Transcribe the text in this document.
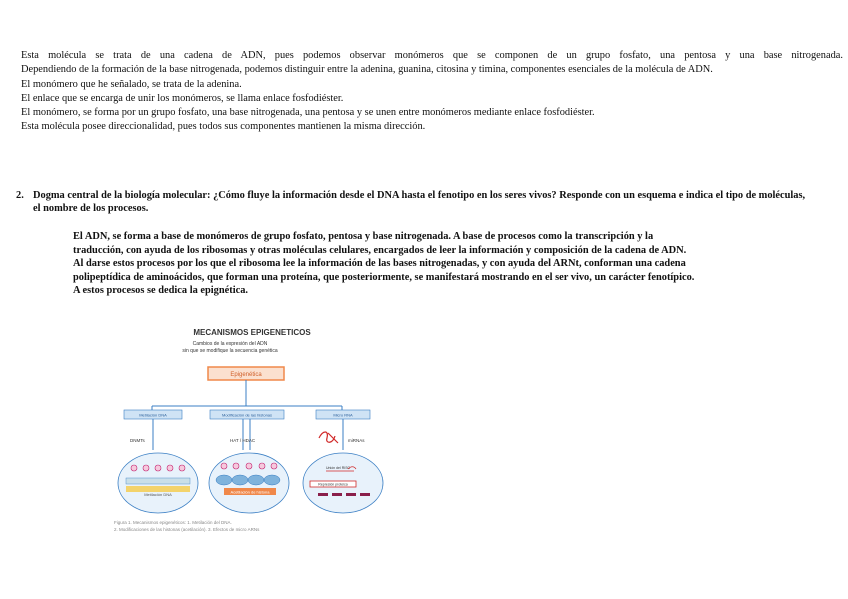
Esta molécula se trata de una cadena de ADN, pues podemos observar monómeros que se componen de un grupo fosfato, una pentosa y una base nitrogenada.
Dependiendo de la formación de la base nitrogenada, podemos distinguir entre la adenina, guanina, citosina y timina, componentes esenciales de la molécula de ADN.
El monómero que he señalado, se trata de la adenina.
El enlace que se encarga de unir los monómeros, se llama enlace fosfodiéster.
El monómero, se forma por un grupo fosfato, una base nitrogenada, una pentosa y se unen entre monómeros mediante enlace fosfodiéster.
Esta molécula posee direccionalidad, pues todos sus componentes mantienen la misma dirección.
2. Dogma central de la biología molecular: ¿Cómo fluye la información desde el DNA hasta el fenotipo en los seres vivos? Responde con un esquema e indica el tipo de moléculas, el nombre de los procesos.
El ADN, se forma a base de monómeros de grupo fosfato, pentosa y base nitrogenada. A base de procesos como la transcripción y la
traducción, con ayuda de los ribosomas y otras moléculas celulares, encargados de leer la información y composición de la cadena de ADN.
Al darse estos procesos por los que el ribosoma lee la información de las bases nitrogenadas, y con ayuda del ARNt, conforman una cadena
polipeptídica de aminoácidos, que forman una proteína, que posteriormente, se manifestará mostrando en el ser vivo, un carácter fenotípico.
A estos procesos se dedica la epignética.
MECANISMOS EPIGENETICOS
Cambios de la expresión del ADN
sin que se modifique la secuencia genética
Epigenética
Metilación DNA	Modificación de las histonas	Micro RNA
DNMTs	HAT / HDAC	miRNAs
Metilación DNA	Acetilación de histona
Unión del RISC
Represión proteica
Figura 1. Mecanismos epigenéticos: 1. Metilación del DNA.
2. Modificaciones de las histonas (acetilación). 3. Efectos de micro ARNs
